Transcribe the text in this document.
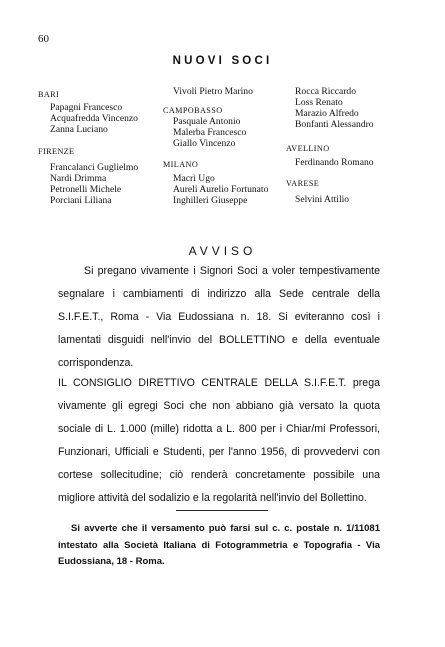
60
NUOVI SOCI
BARI
Papagni Francesco
Acquafredda Vincenzo
Zanna Luciano
FIRENZE
Francalanci Guglielmo
Nardi Drimma
Petronelli Michele
Porciani Liliana
Vivoli Pietro Marino
CAMPOBASSO
Pasquale Antonio
Malerba Francesco
Giallo Vincenzo
MILANO
Macrì Ugo
Aureli Aurelio Fortunato
Inghilleri Giuseppe
Rocca Riccardo
Loss Renato
Marazio Alfredo
Bonfanti Alessandro
AVELLINO
Ferdinando Romano
VARESE
Selvini Attilio
AVVISO
Si pregano vivamente i Signori Soci a voler tempestivamente segnalare i cambiamenti di indirizzo alla Sede centrale della S.I.F.E.T., Roma - Via Eudossiana n. 18. Si eviteranno così i lamentati disguidi nell'invio del BOLLETTINO e della eventuale corrispondenza.
IL CONSIGLIO DIRETTIVO CENTRALE DELLA S.I.F.E.T. prega vivamente gli egregi Soci che non abbiano già versato la quota sociale di L. 1.000 (mille) ridotta a L. 800 per i Chiar/mi Professori, Funzionari, Ufficiali e Studenti, per l'anno 1956, di provvedervi con cortese sollecitudine; ciò renderà concretamente possibile una migliore attività del sodalizio e la regolarità nell'invio del Bollettino.
Si avverte che il versamento può farsi sul c. c. postale n. 1/11081 intestato alla Società Italiana di Fotogrammetria e Topografia - Via Eudossiana, 18 - Roma.
